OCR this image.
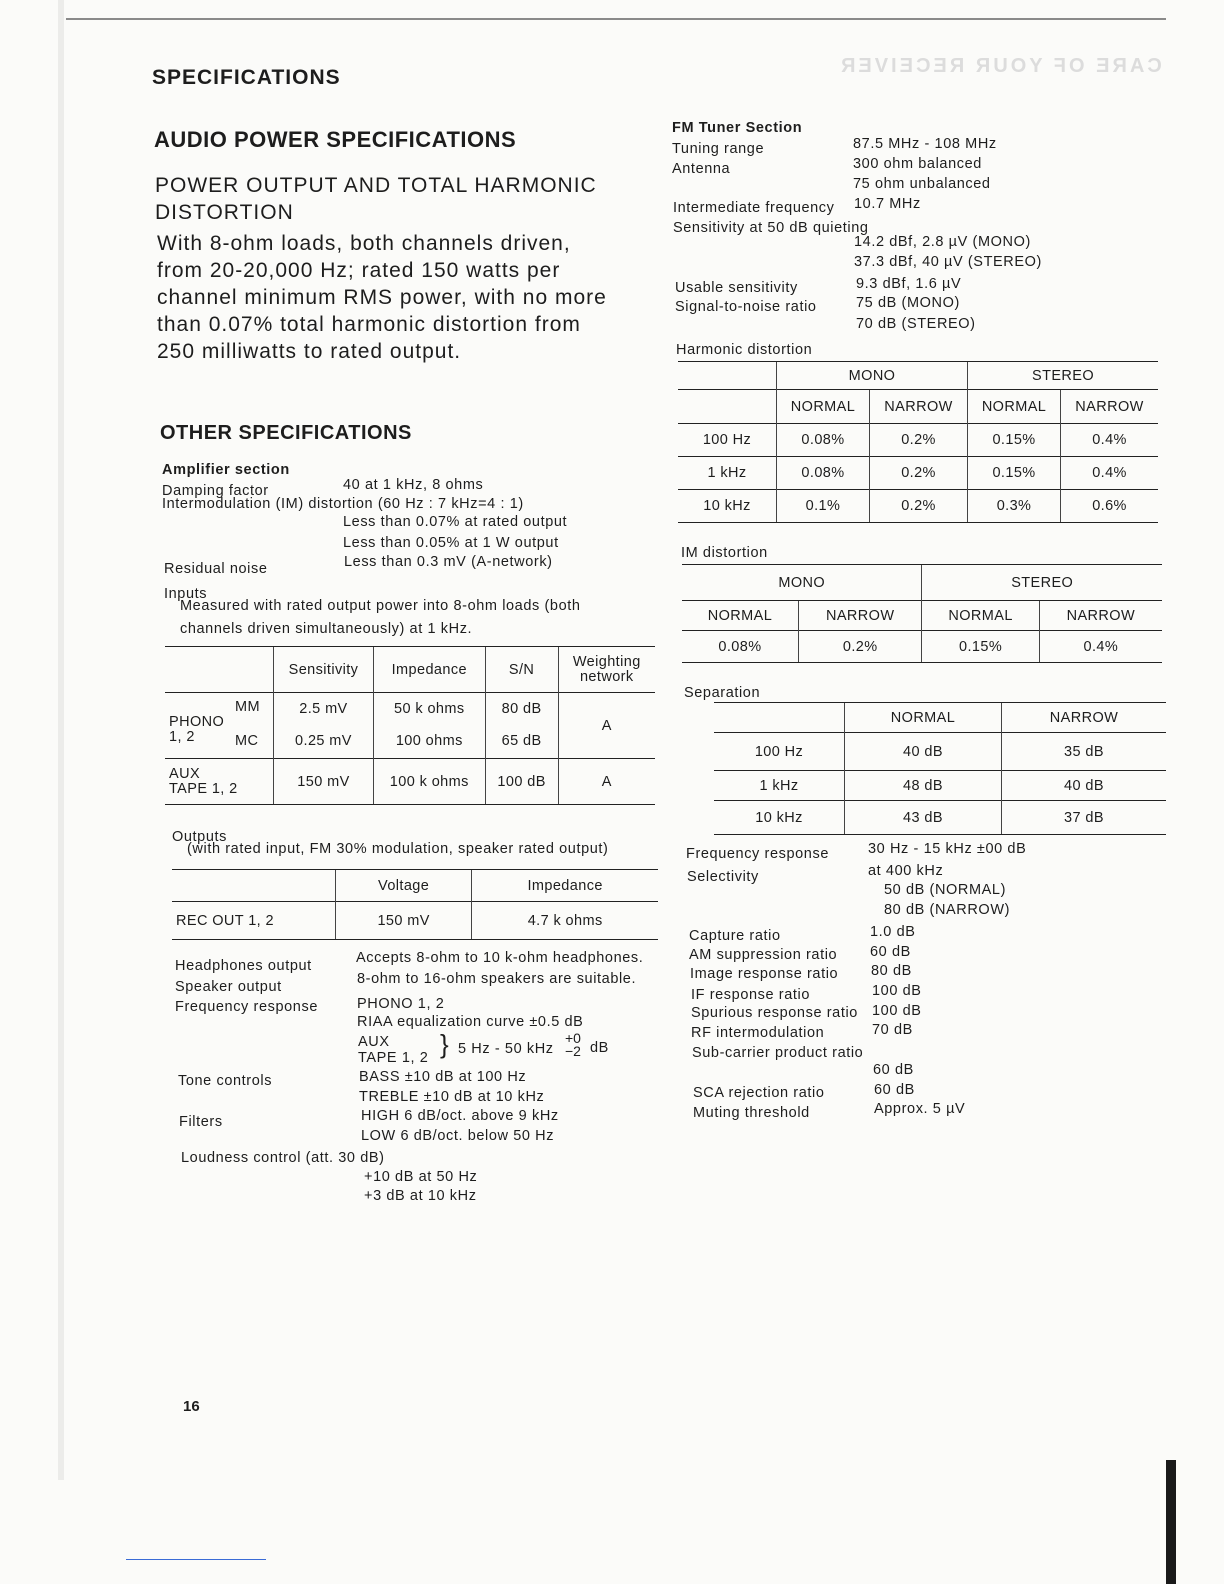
CARE OF YOUR RECEIVER
SPECIFICATIONS
AUDIO POWER SPECIFICATIONS
POWER OUTPUT AND TOTAL HARMONIC
DISTORTION
With 8-ohm loads, both channels driven,
from 20-20,000 Hz; rated 150 watts per
channel minimum RMS power, with no more
than 0.07% total harmonic distortion from
250 milliwatts to rated output.
OTHER SPECIFICATIONS
Amplifier section
Damping factor	40 at 1 kHz, 8 ohms
Intermodulation (IM) distortion (60 Hz : 7 kHz=4 : 1)
Less than 0.07% at rated output
Less than 0.05% at 1 W output
Residual noise	Less than 0.3 mV (A-network)
Inputs
Measured with rated output power into 8-ohm loads (both
channels driven simultaneously) at 1 kHz.
	Sensitivity	Impedance	S/N	Weighting
network

PHONO
1, 2
MM	2.5 mV	50 k ohms	80 dB	A

MC	0.25 mV	100 ohms	65 dB	

AUX
TAPE 1, 2	150 mV	100 k ohms	100 dB	A
Outputs
(with rated input, FM 30% modulation, speaker rated output)
	Voltage	Impedance
REC OUT 1, 2	150 mV	4.7 k ohms
Headphones output	Accepts 8-ohm to 10 k-ohm headphones.
Speaker output	8-ohm to 16-ohm speakers are suitable.
Frequency response	PHONO 1, 2
RIAA equalization curve ±0.5 dB
AUX
TAPE 1, 2 } 5 Hz - 50 kHz
+0
−2 dB
Tone controls	BASS ±10 dB at 100 Hz
TREBLE ±10 dB at 10 kHz
Filters	HIGH 6 dB/oct. above 9 kHz
LOW 6 dB/oct. below 50 Hz
Loudness control (att. 30 dB)
+10 dB at 50 Hz
+3 dB at 10 kHz
16
FM Tuner Section
Tuning range	87.5 MHz - 108 MHz
Antenna	300 ohm balanced
75 ohm unbalanced
Intermediate frequency 10.7 MHz
Sensitivity at 50 dB quieting
14.2 dBf, 2.8 µV (MONO)
37.3 dBf, 40 µV (STEREO)
Usable sensitivity	9.3 dBf, 1.6 µV
Signal-to-noise ratio	75 dB (MONO)
70 dB (STEREO)
Harmonic distortion
	MONO		STEREO	
	NORMAL	NARROW	NORMAL	NARROW
100 Hz	0.08%	0.2%	0.15%	0.4%
1 kHz	0.08%	0.2%	0.15%	0.4%
10 kHz	0.1%	0.2%	0.3%	0.6%
IM distortion
MONO		STEREO	
NORMAL	NARROW	NORMAL	NARROW
0.08%	0.2%	0.15%	0.4%
Separation
	NORMAL	NARROW
100 Hz	40 dB	35 dB
1 kHz	48 dB	40 dB
10 kHz	43 dB	37 dB
Frequency response	30 Hz - 15 kHz ±00 dB
Selectivity	at 400 kHz
50 dB (NORMAL)
80 dB (NARROW)
Capture ratio	1.0 dB
AM suppression ratio 60 dB
Image response ratio 80 dB
IF response ratio	100 dB
Spurious response ratio 100 dB
RF intermodulation	70 dB
Sub-carrier product ratio
60 dB
SCA rejection ratio	60 dB
Muting threshold	Approx. 5 µV
